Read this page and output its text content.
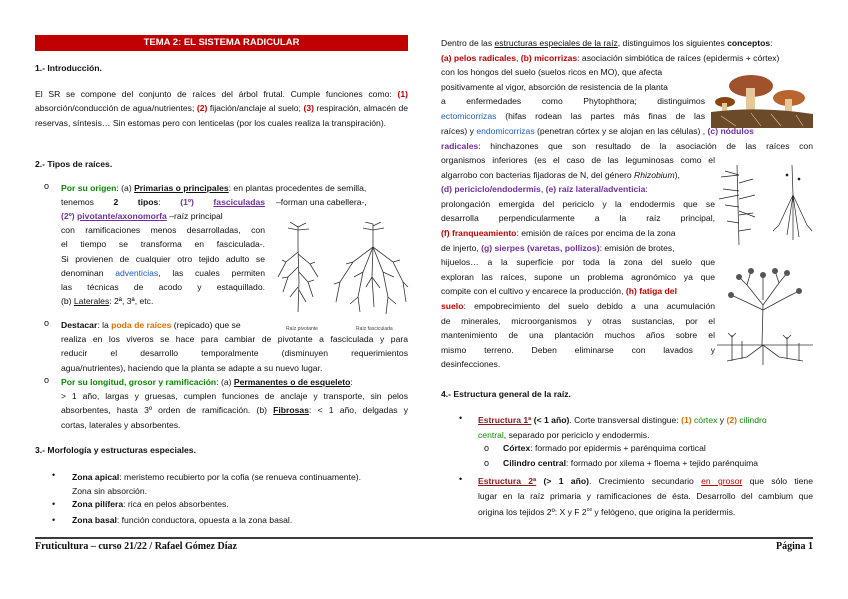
TEMA 2: EL SISTEMA RADICULAR
1.- Introducción.
El SR se compone del conjunto de raíces del árbol frutal. Cumple funciones como: (1) absorción/conducción de agua/nutrientes; (2) fijación/anclaje al suelo; (3) respiración, almacén de reservas, síntesis… Sin estomas pero con lenticelas (por los cuales realiza la transpiración).
2.- Tipos de raíces.
o Por su origen: (a) Primarias o principales: en plantas procedentes de semilla,
tenemos 2 tipos: (1º) fasciculadas –forman una cabellera-,
(2º) pivotante/axonomorfa –raíz principal
con ramificaciones menos desarrolladas, con
el tiempo se transforma en fasciculada-.
Si provienen de cualquier otro tejido adulto se
denominan adventicias, las cuales permiten
las técnicas de acodo y estaquillado.
(b) Laterales: 2ª, 3ª, etc.
Raíz pivotante	Raíz fasciculada
o Destacar: la poda de raíces (repicado) que se
realiza en los viveros se hace para cambiar de pivotante a fasciculada y para
reducir el desarrollo temporalmente (disminuyen requerimientos
agua/nutrientes), haciendo que la planta se adapte a su nuevo lugar.
o Por su longitud, grosor y ramificación: (a) Permanentes o de esqueleto:
> 1 año, largas y gruesas, cumplen funciones de anclaje y transporte, sin pelos
absorbentes, hasta 3º orden de ramificación. (b) Fibrosas: < 1 año, delgadas y
cortas, laterales y absorbentes.
3.- Morfología y estructuras especiales.
• Zona apical: meristemo recubierto por la cofia (se renueva continuamente).
Zona sin absorción.
• Zona pilífera: rica en pelos absorbentes.
• Zona basal: función conductora, opuesta a la zona basal.
Dentro de las estructuras especiales de la raíz, distinguimos los siguientes conceptos:
(a) pelos radicales, (b) micorrizas: asociación simbiótica de raíces (epidermis + córtex)
con los hongos del suelo (suelos ricos en MO), que afecta
positivamente al vigor, absorción de resistencia de la planta
a enfermedades como Phytophthora; distinguimos
ectomicorrizas (hifas rodean las partes más finas de las
raíces) y endomicorrizas (penetran córtex y se alojan en las células) , (c) nódulos
radicales: hinchazones que son resultado de la asociación de las raíces con
organismos inferiores (es el caso de las leguminosas como el
algarrobo con bacterias fijadoras de N, del género Rhizobium),
(d) periciclo/endodermis, (e) raíz lateral/adventicia:
prolongación emergida del periciclo y la endodermis que se
desarrolla perpendicularmente a la raíz principal,
(f) franqueamiento: emisión de raíces por encima de la zona
de injerto, (g) sierpes (varetas, pollizos): emisión de brotes,
hijuelos… a la superficie por toda la zona del suelo que
exploran las raíces, supone un problema agronómico ya que
compite con el cultivo y encarece la producción, (h) fatiga del
suelo: empobrecimiento del suelo debido a una acumulación
de minerales, microorganismos y otras sustancias, por el
mantenimiento de una plantación muchos años sobre el
mismo terreno. Deben eliminarse con lavados y
desinfecciones.
4.- Estructura general de la raíz.
• Estructura 1ª (< 1 año). Corte transversal distingue: (1) córtex y (2) cilindro
central, separado por periciclo y endodermis.
o Córtex: formado por epidermis + parénquima cortical
o Cilindro central: formado por xilema + floema + tejido parénquima
• Estructura 2ª (> 1 año). Crecimiento secundario en grosor que sólo tiene
lugar en la raíz primaria y ramificaciones de ésta. Desarrollo del cambium que
origina los tejidos 2º: X y F $2^{os}$ y felógeno, que origina la peridermis.
Fruticultura – curso 21/22 / Rafael Gómez Díaz	Página 1
